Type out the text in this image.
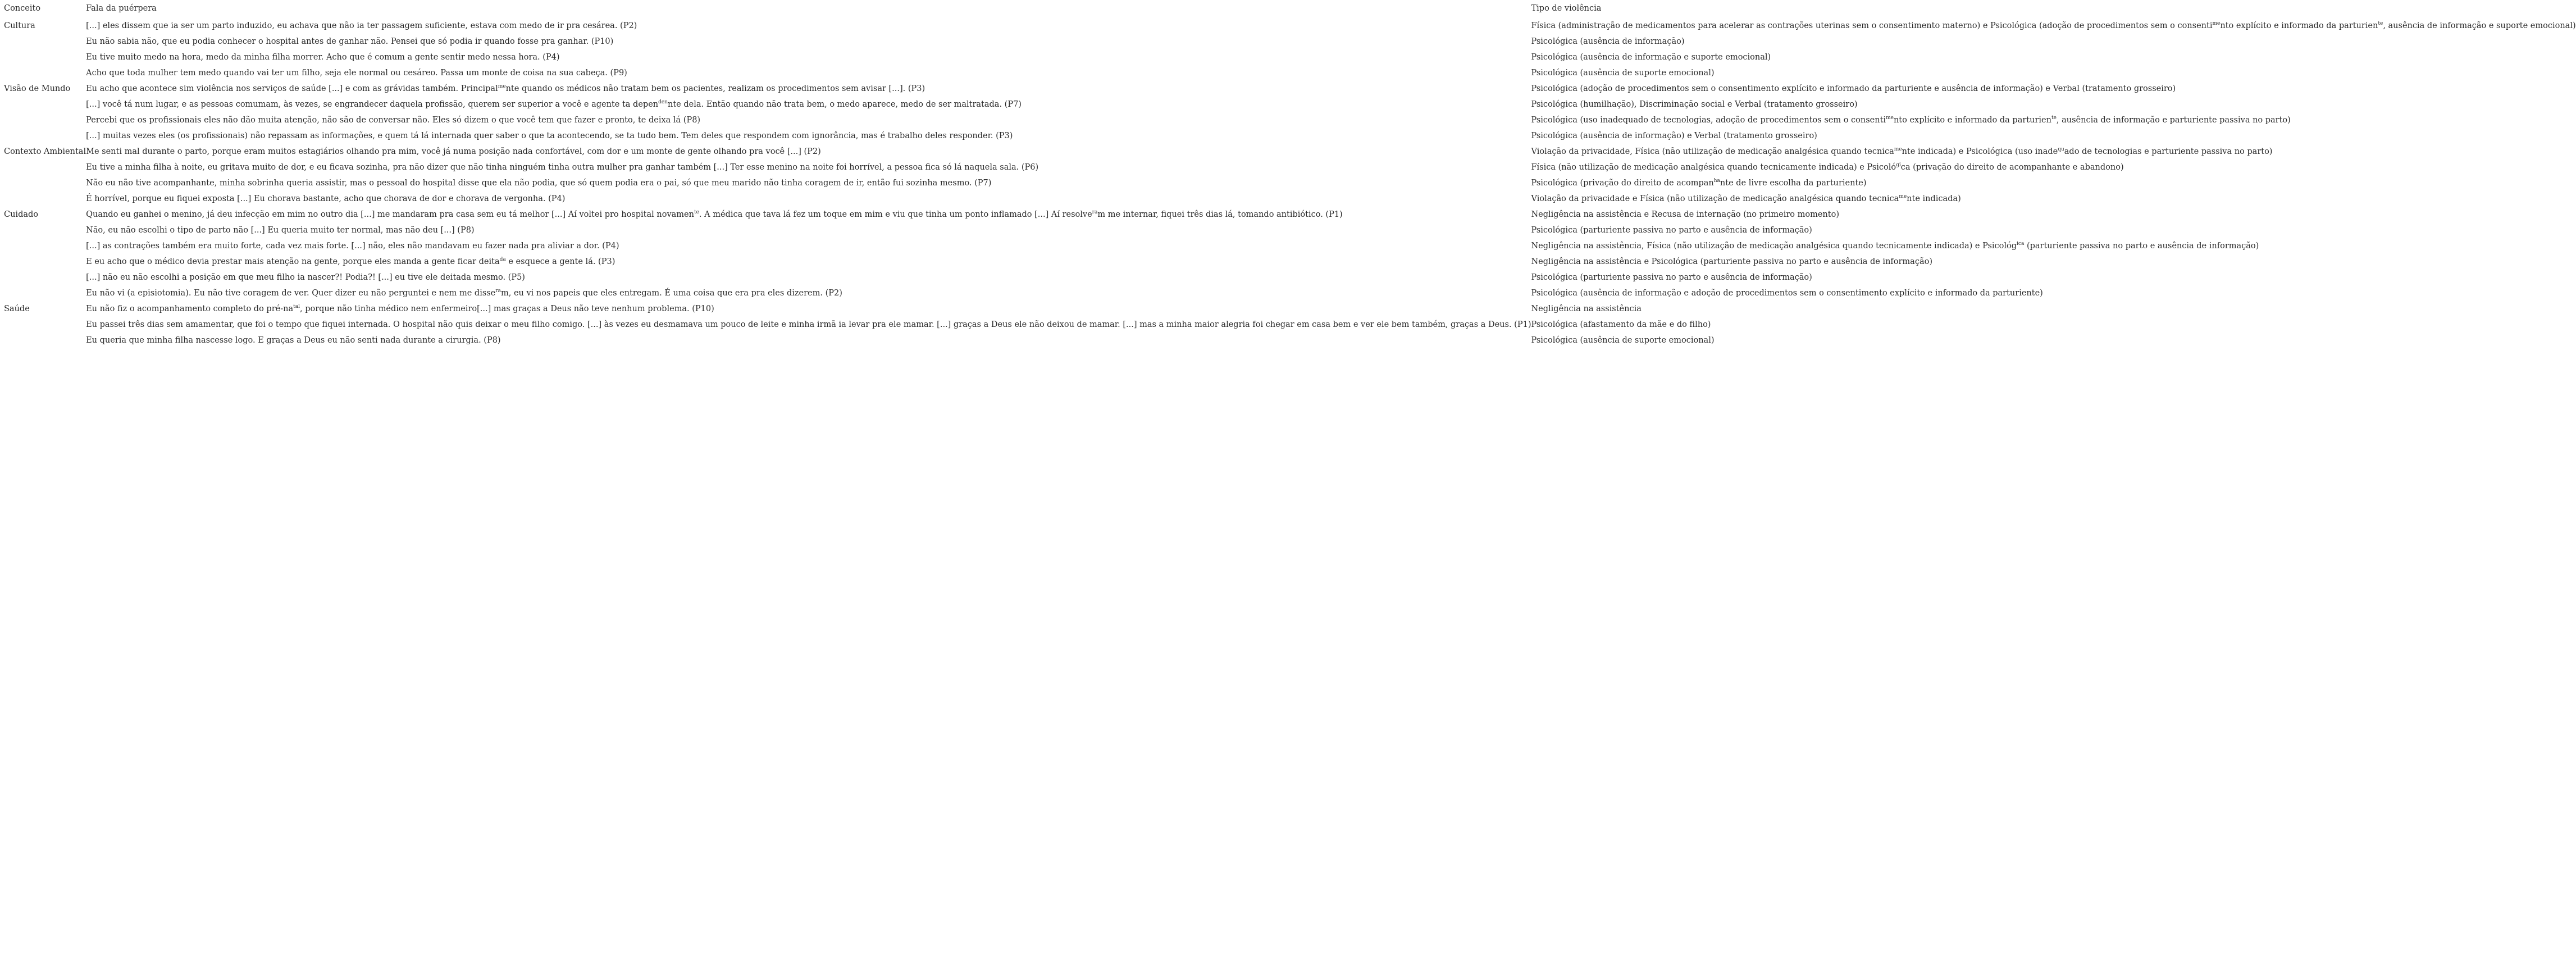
Conceito	Fala da puérpera	Tipo de violência
Cultura	[...] eles dissem que ia ser um parto induzido, eu achava que não ia ter passagem suficiente, estava com medo de ir pra cesárea. (P2)	Física (administração de medicamentos para acelerar as contrações uterinas sem o consentimento materno) e Psicológica (adoção de procedimentos sem o consenti$^{me}$nto explícito e informado da parturien$^{te}$, ausência de informação e suporte emocional)
	Eu não sabia não, que eu podia conhecer o hospital antes de ganhar não. Pensei que só podia ir quando fosse pra ganhar. (P10)	Psicológica (ausência de informação)
	Eu tive muito medo na hora, medo da minha filha morrer. Acho que é comum a gente sentir medo nessa hora. (P4)	Psicológica (ausência de informação e suporte emocional)
	Acho que toda mulher tem medo quando vai ter um filho, seja ele normal ou cesáreo. Passa um monte de coisa na sua cabeça. (P9)	Psicológica (ausência de suporte emocional)
Visão de Mundo	Eu acho que acontece sim violência nos serviços de saúde [...] e com as grávidas também. Principal$^{me}$nte quando os médicos não tratam bem os pacientes, realizam os procedimentos sem avisar [...]. (P3)	Psicológica (adoção de procedimentos sem o consentimento explícito e informado da parturiente e ausência de informação) e Verbal (tratamento grosseiro)
	[...] você tá num lugar, e as pessoas comumam, às vezes, se engrandecer daquela profissão, querem ser superior a você e agente ta depen$^{den}$nte dela. Então quando não trata bem, o medo aparece, medo de ser maltratada. (P7)	Psicológica (humilhação), Discriminação social e Verbal (tratamento grosseiro)
	Percebi que os profissionais eles não dão muita atenção, não são de conversar não. Eles só dizem o que você tem que fazer e pronto, te deixa lá (P8)	Psicológica (uso inadequado de tecnologias, adoção de procedimentos sem o consenti$^{me}$nto explícito e informado da parturien$^{te}$, ausência de informação e parturiente passiva no parto)
	[...] muitas vezes eles (os profissionais) não repassam as informações, e quem tá lá internada quer saber o que ta acontecendo, se ta tudo bem. Tem deles que respondem com ignorância, mas é trabalho deles responder. (P3)	Psicológica (ausência de informação) e Verbal (tratamento grosseiro)
Contexto Ambiental	Me senti mal durante o parto, porque eram muitos estagiários olhando pra mim, você já numa posição nada confortável, com dor e um monte de gente olhando pra você [...] (P2)	Violação da privacidade, Física (não utilização de medicação analgésica quando tecnica$^{me}$nte indicada) e Psicológica (uso inade$^{qu}$ado de tecnologias e parturiente passiva no parto)
	Eu tive a minha filha à noite, eu gritava muito de dor, e eu ficava sozinha, pra não dizer que não tinha ninguém tinha outra mulher pra ganhar também [...] Ter esse menino na noite foi horrível, a pessoa fica só lá naquela sala. (P6)	Física (não utilização de medicação analgésica quando tecnicamente indicada) e Psicoló$^{gi}$ca (privação do direito de acompanhante e abandono)
	Não eu não tive acompanhante, minha sobrinha queria assistir, mas o pessoal do hospital disse que ela não podia, que só quem podia era o pai, só que meu marido não tinha coragem de ir, então fui sozinha mesmo. (P7)	Psicológica (privação do direito de acompan$^{ha}$nte de livre escolha da parturiente)
	É horrível, porque eu fiquei exposta [...] Eu chorava bastante, acho que chorava de dor e chorava de vergonha. (P4)	Violação da privacidade e Física (não utilização de medicação analgésica quando tecnica$^{me}$nte indicada)
Cuidado	Quando eu ganhei o menino, já deu infecção em mim no outro dia [...] me mandaram pra casa sem eu tá melhor [...] Aí voltei pro hospital novamen$^{te}$. A médica que tava lá fez um toque em mim e viu que tinha um ponto inflamado [...] Aí resolve$^{ra}$m me internar, fiquei três dias lá, tomando antibiótico. (P1)	Negligência na assistência e Recusa de internação (no primeiro momento)
	Não, eu não escolhi o tipo de parto não [...] Eu queria muito ter normal, mas não deu [...] (P8)	Psicológica (parturiente passiva no parto e ausência de informação)
	[...] as contrações também era muito forte, cada vez mais forte. [...] não, eles não mandavam eu fazer nada pra aliviar a dor. (P4)	Negligência na assistência, Física (não utilização de medicação analgésica quando tecnicamente indicada) e Psicológ$^{ica}$ (parturiente passiva no parto e ausência de informação)
	E eu acho que o médico devia prestar mais atenção na gente, porque eles manda a gente ficar deita$^{da}$ e esquece a gente lá. (P3)	Negligência na assistência e Psicológica (parturiente passiva no parto e ausência de informação)
	[...] não eu não escolhi a posição em que meu filho ia nascer?! Podia?! [...] eu tive ele deitada mesmo. (P5)	Psicológica (parturiente passiva no parto e ausência de informação)
	Eu não vi (a episiotomia). Eu não tive coragem de ver. Quer dizer eu não perguntei e nem me disse$^{ra}$m, eu vi nos papeis que eles entregam. É uma coisa que era pra eles dizerem. (P2)	Psicológica (ausência de informação e adoção de procedimentos sem o consentimento explícito e informado da parturiente)
Saúde	Eu não fiz o acompanhamento completo do pré-$na^{tal}$, porque não tinha médico nem enfermeiro[...] mas graças a Deus não teve nenhum problema. (P10)	Negligência na assistência
	Eu passei três dias sem amamentar, que foi o tempo que fiquei internada. O hospital não quis deixar o meu filho comigo. [...] às vezes eu desmamava um pouco de leite e minha irmã ia levar pra ele mamar. [...] graças a Deus ele não deixou de mamar. [...] mas a minha maior alegria foi chegar em casa bem e ver ele bem também, graças a Deus. (P1)	Psicológica (afastamento da mãe e do filho)
	Eu queria que minha filha nascesse logo. E graças a Deus eu não senti nada durante a cirurgia. (P8)	Psicológica (ausência de suporte emocional)
